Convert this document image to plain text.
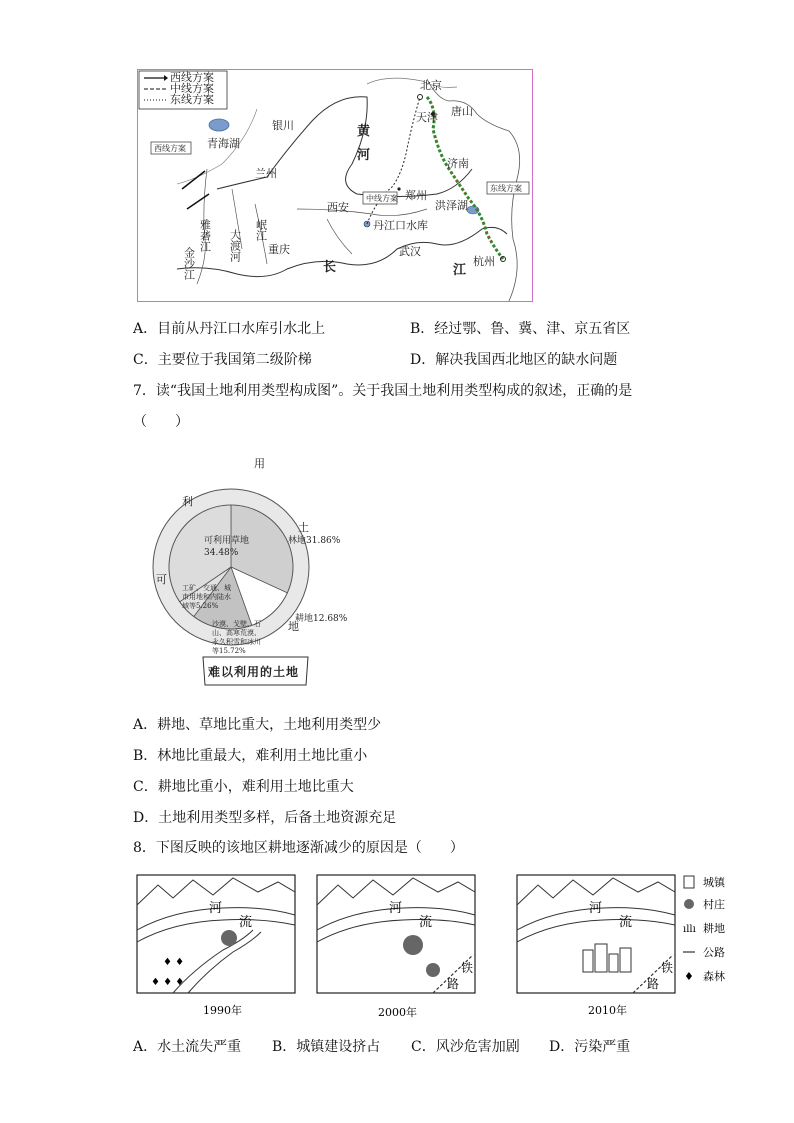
西线方案
中线方案
东线方案
西线方案
中线方案
东线方案
青海湖
银川
兰州
黄
河
北京
天津 唐山
济南
郑州
西安
丹江口水库
洪泽湖
武汉
杭州
重庆
长	江
雅砻江 大渡河 岷江
金沙江
A．目前从丹江口水库引水北上	B．经过鄂、鲁、冀、津、京五省区
C．主要位于我国第二级阶梯	D．解决我国西北地区的缺水问题
7．读“我国土地利用类型构成图”。关于我国土地利用类型构成的叙述，正确的是
（　　）
用
利
可
土
地
难以利用的土地
可利用草地
34.48%
林地31.86%
耕地12.68%
工矿、交通、城
市用地和内陆水
域等5.26%
沙漠、戈壁、石
山、高寒荒漠、
永久积雪和冰川
等15.72%
A．耕地、草地比重大，土地利用类型少
B．林地比重最大，难利用土地比重小
C．耕地比重小，难利用土地比重大
D．土地利用类型多样，后备土地资源充足
8．下图反映的该地区耕地逐渐减少的原因是（　　）
河
流
♦ ♦
♦ ♦ ♦
河
流
铁
路
河
流
铁
路
1990年	2000年	2010年
ıllı
♦
城镇
村庄
耕地
公路
森林
A．水土流失严重 B．城镇建设挤占 C．风沙危害加剧 D．污染严重
